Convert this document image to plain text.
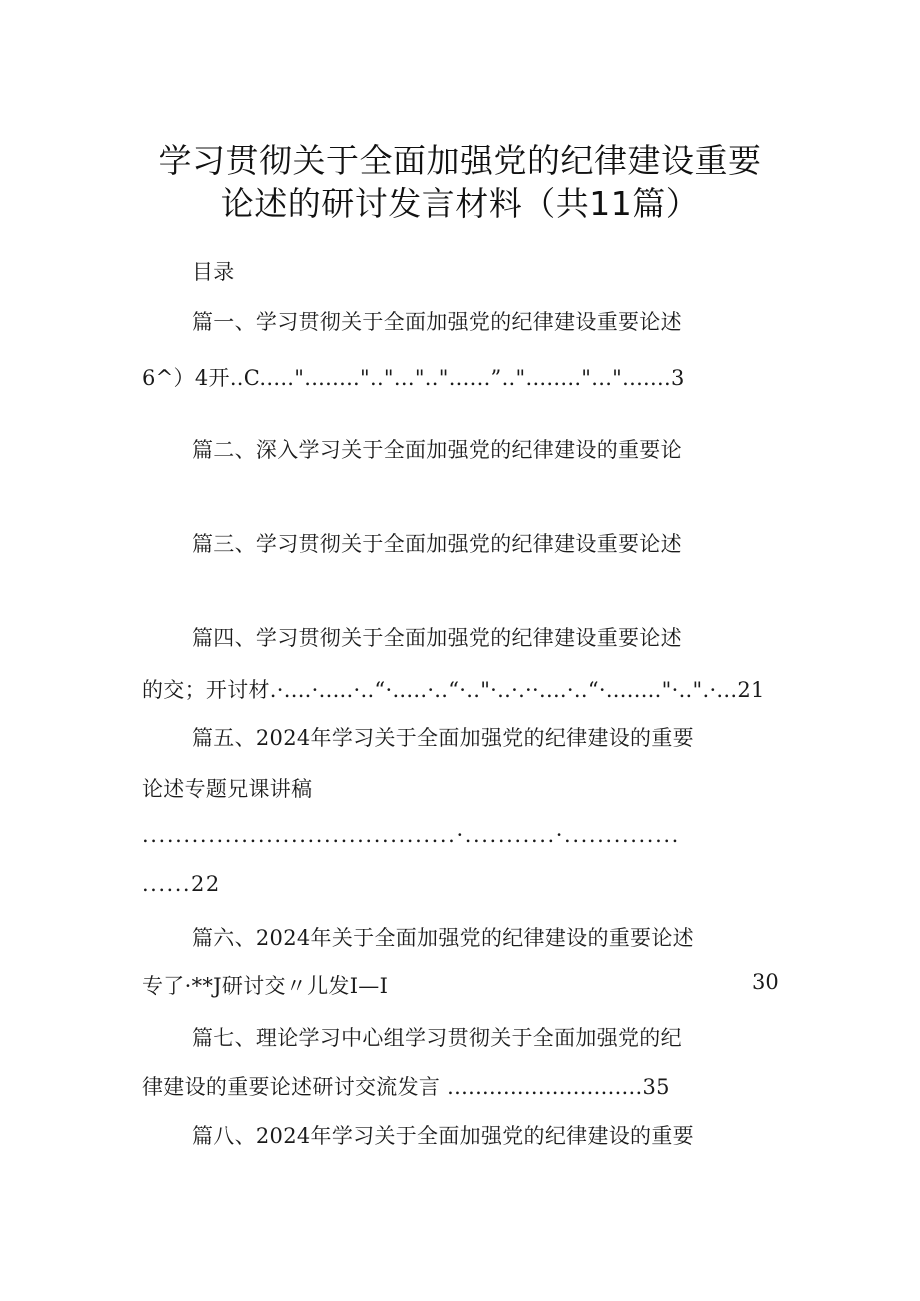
学习贯彻关于全面加强党的纪律建设重要
论述的研讨发言材料（共11篇）
目录
篇一、学习贯彻关于全面加强党的纪律建设重要论述
6^）4开..C....."........".."...".."......”.."........"...".......3
篇二、深入学习关于全面加强党的纪律建设的重要论
篇三、学习贯彻关于全面加强党的纪律建设重要论述
篇四、学习贯彻关于全面加强党的纪律建设重要论述
的交；开讨材.·....·.....·..“·.....·..“·.."·..·.··....·..“·........"·..".·...21
篇五、2024年学习关于全面加强党的纪律建设的重要
论述专题兄课讲稿
......................................·...........·..............
......22
篇六、2024年关于全面加强党的纪律建设的重要论述
专了·**J研讨交〃儿发I—I	30
篇七、理论学习中心组学习贯彻关于全面加强党的纪
律建设的重要论述研讨交流发言 ............................35
篇八、2024年学习关于全面加强党的纪律建设的重要
